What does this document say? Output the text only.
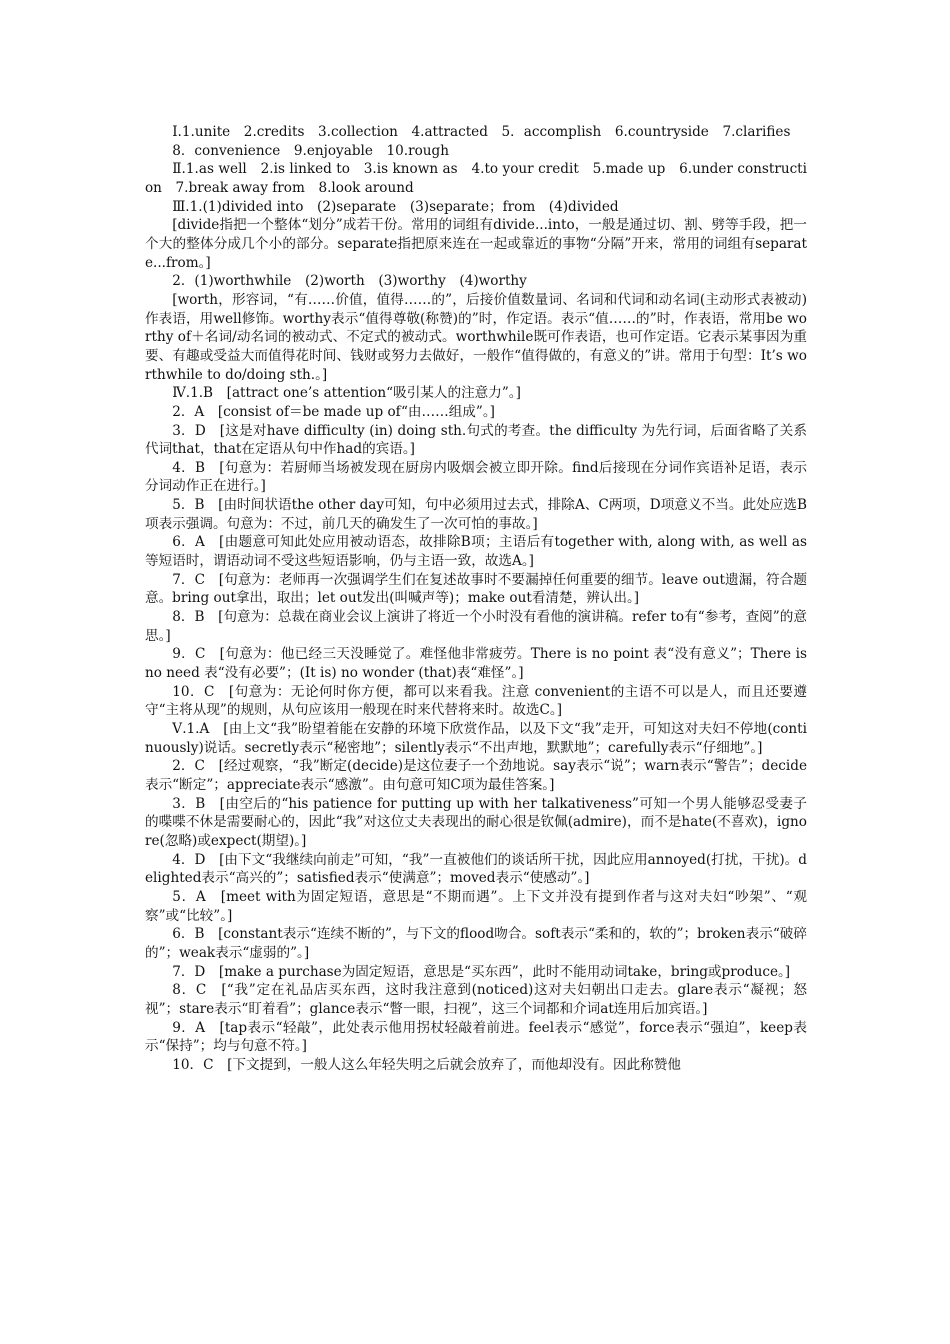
Ⅰ.1.unite　2.credits　3.collection　4.attracted　5．accomplish　6.countryside　7.clarifies

8．convenience　9.enjoyable　10.rough

Ⅱ.1.as well　2.is linked to　3.is known as　4.to your credit　5.made up　6.under construction　7.break away from　8.look around

Ⅲ.1.(1)divided into　(2)separate　(3)separate；from　(4)divided

[divide指把一个整体“划分”成若干份。常用的词组有divide...into，一般是通过切、割、劈等手段，把一个大的整体分成几个小的部分。separate指把原来连在一起或靠近的事物“分隔”开来，常用的词组有separate...from。]

2．(1)worthwhile　(2)worth　(3)worthy　(4)worthy

[worth，形容词，“有……价值，值得……的”，后接价值数量词、名词和代词和动名词(主动形式表被动)作表语，用well修饰。worthy表示“值得尊敬(称赞)的”时，作定语。表示“值……的”时，作表语，常用be worthy of＋名词/动名词的被动式、不定式的被动式。worthwhile既可作表语，也可作定语。它表示某事因为重要、有趣或受益大而值得花时间、钱财或努力去做好，一般作“值得做的，有意义的”讲。常用于句型：It’s worthwhile to do/doing sth.。]

Ⅳ.1.B　[attract one’s attention“吸引某人的注意力”。]

2．A　[consist of＝be made up of“由……组成”。]

3．D　[这是对have difficulty (in) doing sth.句式的考查。the difficulty 为先行词，后面省略了关系代词that，that在定语从句中作had的宾语。]

4．B　[句意为：若厨师当场被发现在厨房内吸烟会被立即开除。find后接现在分词作宾语补足语，表示分词动作正在进行。]

5．B　[由时间状语the other day可知，句中必须用过去式，排除A、C两项，D项意义不当。此处应选B项表示强调。句意为：不过，前几天的确发生了一次可怕的事故。]

6．A　[由题意可知此处应用被动语态，故排除B项；主语后有together with, along with, as well as等短语时，谓语动词不受这些短语影响，仍与主语一致，故选A。]

7．C　[句意为：老师再一次强调学生们在复述故事时不要漏掉任何重要的细节。leave out遗漏，符合题意。bring out拿出，取出；let out发出(叫喊声等)；make out看清楚，辨认出。]

8．B　[句意为：总裁在商业会议上演讲了将近一个小时没有看他的演讲稿。refer to有“参考，查阅”的意思。]

9．C　[句意为：他已经三天没睡觉了。难怪他非常疲劳。There is no point 表“没有意义”；There is no need 表“没有必要”；(It is) no wonder (that)表“难怪”。]

10．C　[句意为：无论何时你方便，都可以来看我。注意 convenient的主语不可以是人，而且还要遵守“主将从现”的规则，从句应该用一般现在时来代替将来时。故选C。]

Ⅴ.1.A　[由上文“我”盼望着能在安静的环境下欣赏作品，以及下文“我”走开，可知这对夫妇不停地(continuously)说话。secretly表示“秘密地”；silently表示“不出声地，默默地”；carefully表示“仔细地”。]

2．C　[经过观察，“我”断定(decide)是这位妻子一个劲地说。say表示“说”；warn表示“警告”；decide表示“断定”；appreciate表示“感激”。由句意可知C项为最佳答案。]

3．B　[由空后的“his patience for putting up with her talkativeness”可知一个男人能够忍受妻子的喋喋不休是需要耐心的，因此“我”对这位丈夫表现出的耐心很是钦佩(admire)，而不是hate(不喜欢)，ignore(忽略)或expect(期望)。]

4．D　[由下文“我继续向前走”可知，“我”一直被他们的谈话所干扰，因此应用annoyed(打扰，干扰)。delighted表示“高兴的”；satisfied表示“使满意”；moved表示“使感动”。]

5．A　[meet with为固定短语，意思是“不期而遇”。上下文并没有提到作者与这对夫妇“吵架”、“观察”或“比较”。]

6．B　[constant表示“连续不断的”，与下文的flood吻合。soft表示“柔和的，软的”；broken表示“破碎的”；weak表示“虚弱的”。]

7．D　[make a purchase为固定短语，意思是“买东西”，此时不能用动词take，bring或produce。]

8．C　[“我”定在礼品店买东西，这时我注意到(noticed)这对夫妇朝出口走去。glare表示“凝视；怒视”；stare表示“盯着看”；glance表示“瞥一眼，扫视”，这三个词都和介词at连用后加宾语。]

9．A　[tap表示“轻敲”，此处表示他用拐杖轻敲着前进。feel表示“感觉”，force表示“强迫”，keep表示“保持”；均与句意不符。]

10．C　[下文提到，一般人这么年轻失明之后就会放弃了，而他却没有。因此称赞他
